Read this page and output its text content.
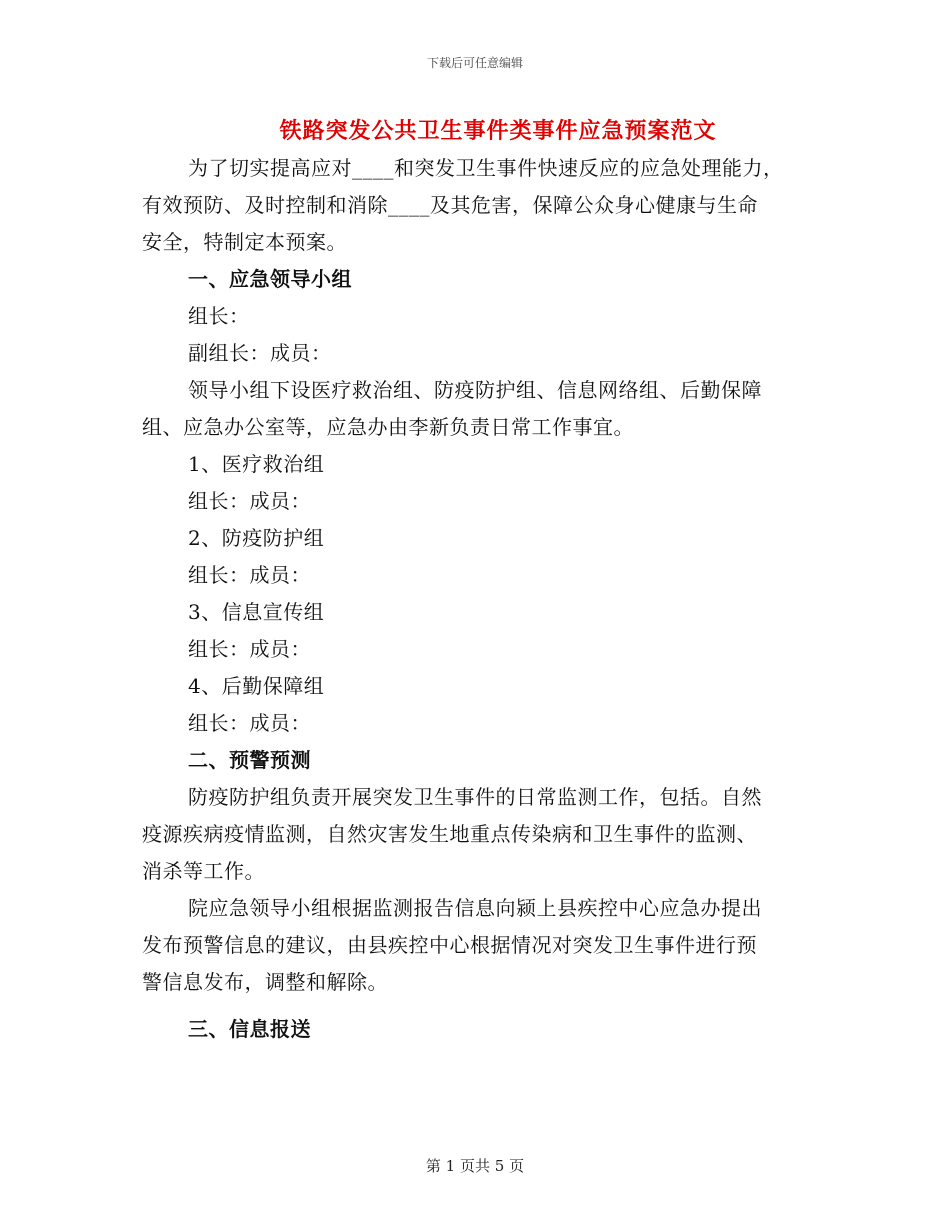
下载后可任意编辑
铁路突发公共卫生事件类事件应急预案范文
为了切实提高应对____和突发卫生事件快速反应的应急处理能力，
有效预防、及时控制和消除____及其危害，保障公众身心健康与生命
安全，特制定本预案。
一、应急领导小组
组长：
副组长：成员：
领导小组下设医疗救治组、防疫防护组、信息网络组、后勤保障
组、应急办公室等，应急办由李新负责日常工作事宜。
1、医疗救治组
组长：成员：
2、防疫防护组
组长：成员：
3、信息宣传组
组长：成员：
4、后勤保障组
组长：成员：
二、预警预测
防疫防护组负责开展突发卫生事件的日常监测工作，包括。自然
疫源疾病疫情监测，自然灾害发生地重点传染病和卫生事件的监测、
消杀等工作。
院应急领导小组根据监测报告信息向颍上县疾控中心应急办提出
发布预警信息的建议，由县疾控中心根据情况对突发卫生事件进行预
警信息发布，调整和解除。
三、信息报送
第 1 页共 5 页
